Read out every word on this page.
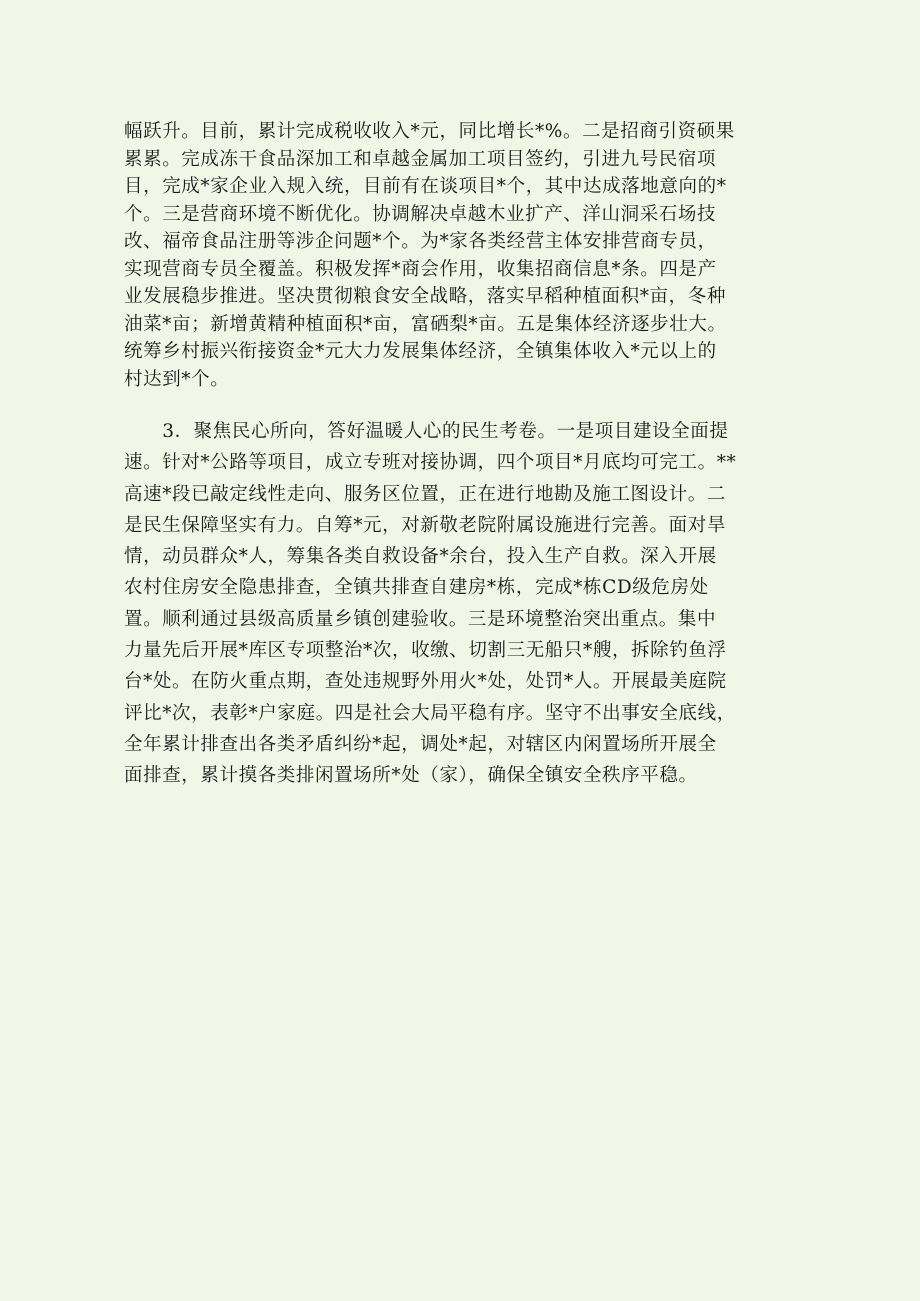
幅跃升。目前，累计完成税收收入*元，同比增长*%。二是招商引资硕果
累累。完成冻干食品深加工和卓越金属加工项目签约，引进九号民宿项
目，完成*家企业入规入统，目前有在谈项目*个，其中达成落地意向的*
个。三是营商环境不断优化。协调解决卓越木业扩产、洋山洞采石场技
改、福帝食品注册等涉企问题*个。为*家各类经营主体安排营商专员，
实现营商专员全覆盖。积极发挥*商会作用，收集招商信息*条。四是产
业发展稳步推进。坚决贯彻粮食安全战略，落实早稻种植面积*亩，冬种
油菜*亩；新增黄精种植面积*亩，富硒梨*亩。五是集体经济逐步壮大。
统筹乡村振兴衔接资金*元大力发展集体经济，全镇集体收入*元以上的
村达到*个。
　　3．聚焦民心所向，答好温暖人心的民生考卷。一是项目建设全面提
速。针对*公路等项目，成立专班对接协调，四个项目*月底均可完工。**
高速*段已敲定线性走向、服务区位置，正在进行地勘及施工图设计。二
是民生保障坚实有力。自筹*元，对新敬老院附属设施进行完善。面对旱
情，动员群众*人，筹集各类自救设备*余台，投入生产自救。深入开展
农村住房安全隐患排查，全镇共排查自建房*栋，完成*栋CD级危房处
置。顺利通过县级高质量乡镇创建验收。三是环境整治突出重点。集中
力量先后开展*库区专项整治*次，收缴、切割三无船只*艘，拆除钓鱼浮
台*处。在防火重点期，查处违规野外用火*处，处罚*人。开展最美庭院
评比*次，表彰*户家庭。四是社会大局平稳有序。坚守不出事安全底线，
全年累计排查出各类矛盾纠纷*起，调处*起，对辖区内闲置场所开展全
面排查，累计摸各类排闲置场所*处（家），确保全镇安全秩序平稳。
